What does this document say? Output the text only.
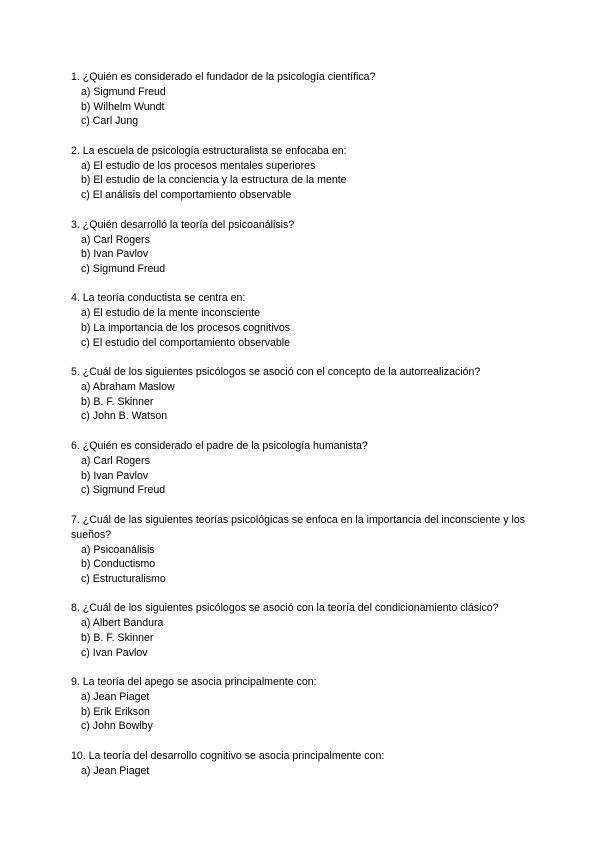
1. ¿Quién es considerado el fundador de la psicología científica?

a) Sigmund Freud
b) Wilhelm Wundt
c) Carl Jung

2. La escuela de psicología estructuralista se enfocaba en:

a) El estudio de los procesos mentales superiores
b) El estudio de la conciencia y la estructura de la mente
c) El análisis del comportamiento observable

3. ¿Quién desarrolló la teoría del psicoanálisis?

a) Carl Rogers
b) Ivan Pavlov
c) Sigmund Freud

4. La teoría conductista se centra en:

a) El estudio de la mente inconsciente
b) La importancia de los procesos cognitivos
c) El estudio del comportamiento observable

5. ¿Cuál de los siguientes psicólogos se asoció con el concepto de la autorrealización?

a) Abraham Maslow
b) B. F. Skinner
c) John B. Watson

6. ¿Quién es considerado el padre de la psicología humanista?

a) Carl Rogers
b) Ivan Pavlov
c) Sigmund Freud

7. ¿Cuál de las siguientes teorías psicológicas se enfoca en la importancia del inconsciente y los sueños?

a) Psicoanálisis
b) Conductismo
c) Estructuralismo

8. ¿Cuál de los siguientes psicólogos se asoció con la teoría del condicionamiento clásico?

a) Albert Bandura
b) B. F. Skinner
c) Ivan Pavlov

9. La teoría del apego se asocia principalmente con:

a) Jean Piaget
b) Erik Erikson
c) John Bowlby

10. La teoría del desarrollo cognitivo se asocia principalmente con:

a) Jean Piaget
